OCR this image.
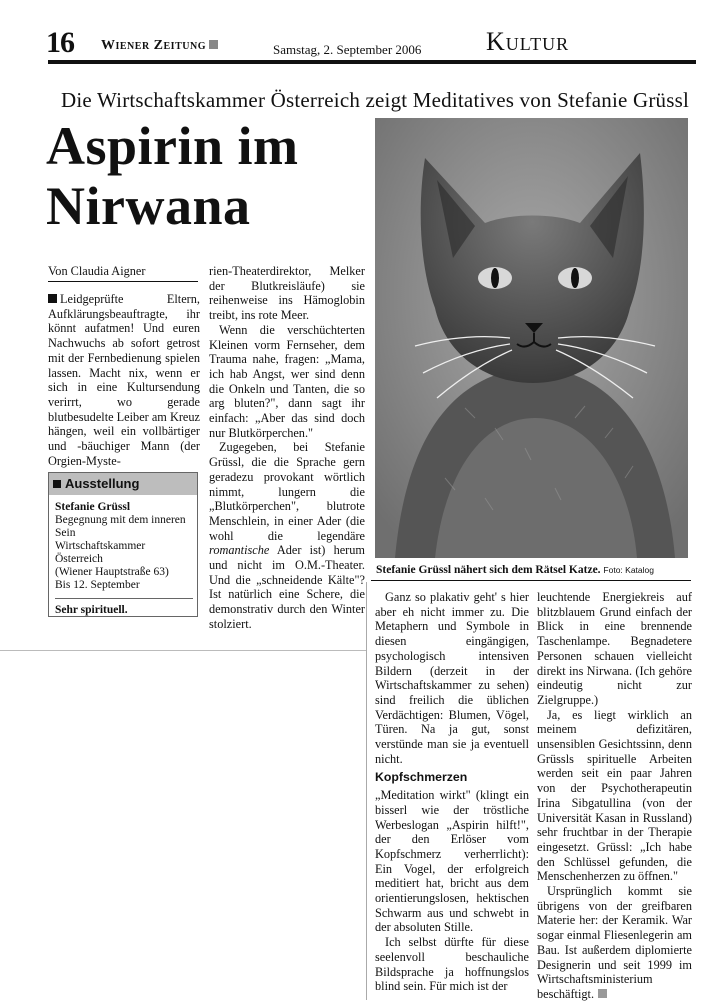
16 Wiener Zeitung	Samstag, 2. September 2006 Kultur
Die Wirtschaftskammer Österreich zeigt Meditatives von Stefanie Grüssl
Aspirin im
Nirwana
Von Claudia Aigner

Leidgeprüfte Eltern, Aufklärungsbeauftragte, ihr könnt aufatmen! Und euren Nachwuchs ab sofort getrost mit der Fernbedienung spielen lassen. Macht nix, wenn er sich in eine Kultursendung verirrt, wo gerade blutbesudelte Leiber am Kreuz hängen, weil ein vollbärtiger und -bäuchiger Mann (der Orgien-Myste-

Ausstellung
Stefanie Grüssl
Begegnung mit dem inneren Sein
Wirtschaftskammer Österreich
(Wiener Hauptstraße 63)
Bis 12. September
Sehr spirituell.

rien-Theaterdirektor, Melker der Blutkreisläufe) sie reihenweise ins Hämoglobin treibt, ins rote Meer.

Wenn die verschüchterten Kleinen vorm Fernseher, dem Trauma nahe, fragen: „Mama, ich hab Angst, wer sind denn die Onkeln und Tanten, die so arg bluten?", dann sagt ihr einfach: „Aber das sind doch nur Blutkörperchen."

Zugegeben, bei Stefanie Grüssl, die die Sprache gern geradezu provokant wörtlich nimmt, lungern die „Blutkörperchen", blutrote Menschlein, in einer Ader (die wohl die legendäre romantische Ader ist) herum und nicht im O.M.-Theater. Und die „schneidende Kälte"? Ist natürlich eine Schere, die demonstrativ durch den Winter stolziert.

Stefanie Grüssl nähert sich dem Rätsel Katze. Foto: Katalog

Ganz so plakativ geht' s hier aber eh nicht immer zu. Die Metaphern und Symbole in diesen eingängigen, psychologisch intensiven Bildern (derzeit in der Wirtschaftskammer zu sehen) sind freilich die üblichen Verdächtigen: Blumen, Vögel, Türen. Na ja gut, sonst verstünde man sie ja eventuell nicht.

Kopfschmerzen

„Meditation wirkt" (klingt ein bisserl wie der tröstliche Werbeslogan „Aspirin hilft!", der den Erlöser vom Kopfschmerz verherrlicht): Ein Vogel, der erfolgreich meditiert hat, bricht aus dem orientierungslosen, hektischen Schwarm aus und schwebt in der absoluten Stille.

Ich selbst dürfte für diese seelenvoll beschauliche Bildsprache ja hoffnungslos blind sein. Für mich ist der

leuchtende Energiekreis auf blitzblauem Grund einfach der Blick in eine brennende Taschenlampe. Begnadetere Personen schauen vielleicht direkt ins Nirwana. (Ich gehöre eindeutig nicht zur Zielgruppe.)

Ja, es liegt wirklich an meinem defizitären, unsensiblen Gesichtssinn, denn Grüssls spirituelle Arbeiten werden seit ein paar Jahren von der Psychotherapeutin Irina Sibgatullina (von der Universität Kasan in Russland) sehr fruchtbar in der Therapie eingesetzt. Grüssl: „Ich habe den Schlüssel gefunden, die Menschenherzen zu öffnen."

Ursprünglich kommt sie übrigens von der greifbaren Materie her: der Keramik. War sogar einmal Fliesenlegerin am Bau. Ist außerdem diplomierte Designerin und seit 1999 im Wirtschaftsministerium beschäftigt.
